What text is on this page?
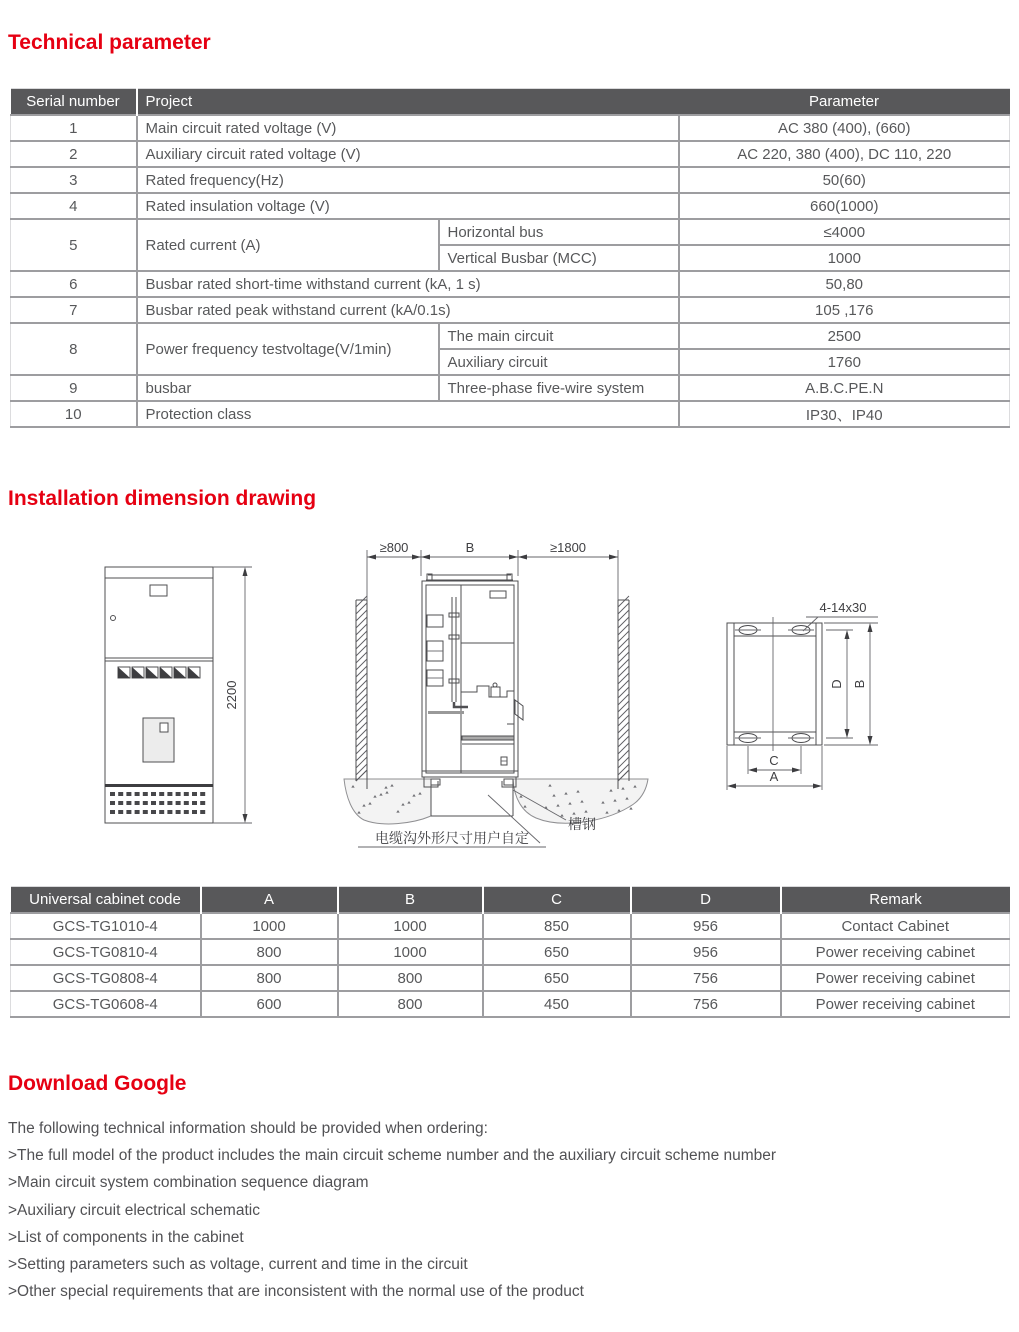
Technical parameter
Serial number	Project		Parameter
1	Main circuit rated voltage (V)		AC 380 (400), (660)
2	Auxiliary circuit rated voltage (V)		AC 220, 380 (400), DC 110, 220
3	Rated frequency(Hz)		50(60)
4	Rated insulation voltage (V)		660(1000)
5	Rated current (A)	Horizontal bus	≤4000
		Vertical Busbar (MCC)	1000
6	Busbar rated short-time withstand current (kA, 1 s)		50,80
7	Busbar rated peak withstand current (kA/0.1s)		105 ,176
8	Power frequency testvoltage(V/1min)	The main circuit	2500
		Auxiliary circuit	1760
9	busbar	Three-phase five-wire system	A.B.C.PE.N
10	Protection class		IP30、IP40
Installation dimension drawing
2200
≥800	B	≥1800
槽钢
电缆沟外形尺寸用户自定
4-14x30
D B
C
A
Universal cabinet code	A	B	C	D	Remark
GCS-TG1010-4	1000	1000	850	956	Contact Cabinet
GCS-TG0810-4	800	1000	650	956	Power receiving cabinet
GCS-TG0808-4	800	800	650	756	Power receiving cabinet
GCS-TG0608-4	600	800	450	756	Power receiving cabinet
Download Google
The following technical information should be provided when ordering:
>The full model of the product includes the main circuit scheme number and the auxiliary circuit scheme number
>Main circuit system combination sequence diagram
>Auxiliary circuit electrical schematic
>List of components in the cabinet
>Setting parameters such as voltage, current and time in the circuit
>Other special requirements that are inconsistent with the normal use of the product
